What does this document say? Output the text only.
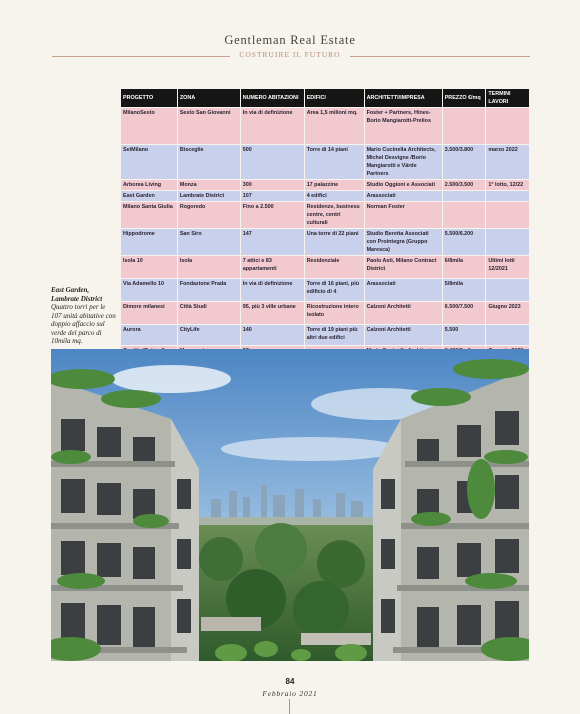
Gentleman Real Estate
COSTRUIRE IL FUTURO
PROGETTO	ZONA	NUMERO ABITAZIONI	EDIFICI	ARCHITETTI/IMPRESA	PREZZO €/mq	TERMINI LAVORI
MilanoSesto	Sesto San Giovanni	In via di definizione	Area 1,5 milioni mq.	Foster + Partners, Hines-Borio Mangiarotti-Prelios		
SeiMilano	Bisceglie	500	Torre di 14 piani	Mario Cucinella Architects, Michel Desvigne /Borio Mangiarotti e Värde Partners	3.500/3.800	marzo 2022
Arborea Living	Monza	300	17 palazzine	Studio Oggioni e Associati	2.500/3.500	1° lotto, 12/22
East Garden	Lambrate District	107	4 edifici	Arassociati		
Milano Santa Giulia	Rogoredo	Fino a 2.500	Residenze, business centre, centri culturali	Norman Foster		
Hippodrome	San Siro	147	Una torre di 22 piani	Studio Beretta Associati con Prointegra (Gruppo Maresca)	5.500/6.200	
Isola 10	Isola	7 attici e 83 appartamenti	Residenziale	Paolo Asti, Milano Contract District	6/8mila	Ultimi lotti 12/2021
Via Adamello 10	Fondazione Prada	In via di definizione	Torre di 16 piani, più edificio di 4	Arassociati	5/8mila	
Dimore milanesi	Città Studi	95, più 3 ville urbane	Ricostruzione intero isolato	Calzoni Architetti	6.500/7.500	Giugno 2023
Aurora	CityLife	140	Torre di 19 piani più altri due edifici	Calzoni Architetti	5.500	

East Garden, Lambrate District
Quattro torri per le 107 unità abitative con doppio affaccio sul verde del parco di 10mila mq.
84
Febbraio 2021
